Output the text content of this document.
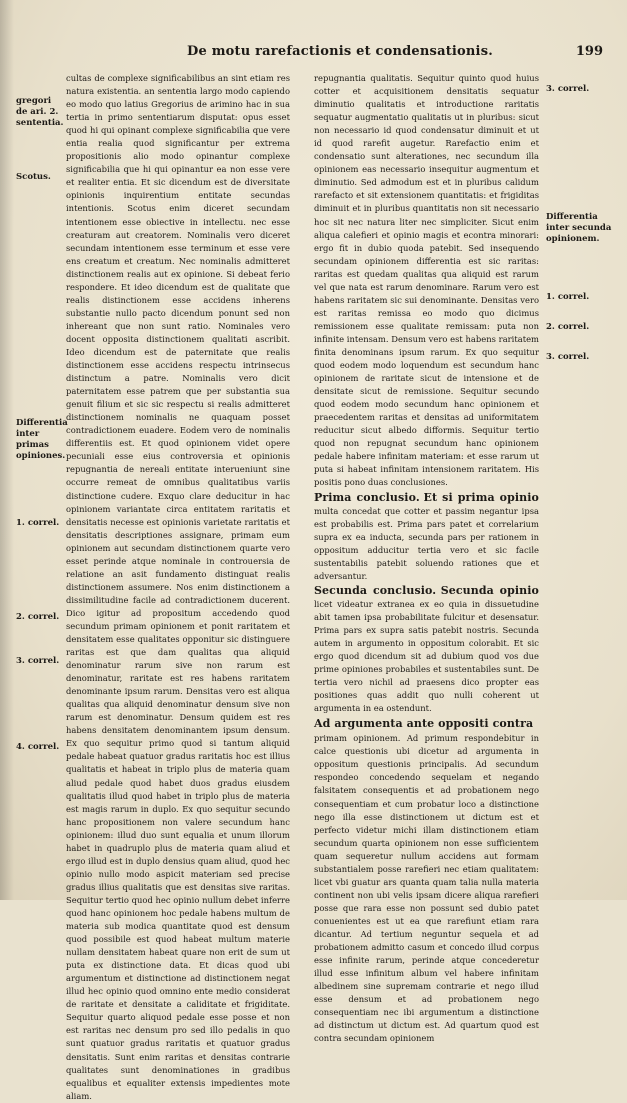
De motu rarefactionis et condensationis.	199
gregori de ari. 2. sententia.
Scotus.
Differentia inter primas opiniones.
1. correl.
2. correl.
3. correl.
4. correl.
3. correl.
Differentia inter secunda opinionem.
1. correl.
2. correl.
3. correl.

cultas de complexe significabilibus an sint etiam res natura existentia. an sententia largo modo capiendo eo modo quo latius Gregorius de arimino hac in sua tertia in primo sententiarum disputat: opus esset quod hi qui opinant complexe significabilia que vere entia realia quod significantur per extrema propositionis alio modo opinantur complexe significabilia que hi qui opinantur ea non esse vere et realiter entia. Et sic dicendum est de diversitate opinionis inquirentium entitate secundas intentionis. Scotus enim diceret secundam intentionem esse obiective in intellectu. nec esse creaturam aut creatorem. Nominalis vero diceret secundam intentionem esse terminum et esse vere ens creatum et creatum. Nec nominalis admitteret distinctionem realis aut ex opinione. Si debeat ferio respondere. Et ideo dicendum est de qualitate que realis distinctionem esse accidens inherens substantie nullo pacto dicendum ponunt sed non inhereant que non sunt ratio. Nominales vero docent opposita distinctionem qualitati ascribit. Ideo dicendum est de paternitate que realis distinctionem esse accidens respectu intrinsecus distinctum a patre. Nominalis vero dicit paternitatem esse patrem que per substantia sua genuit filium et sic sic respectu si realis admitteret distinctionem nominalis ne quaquam posset contradictionem euadere. Eodem vero de nominalis differentiis est. Et quod opinionem videt opere pecuniali esse eius controversia et opinionis repugnantia de nereali entitate interueniunt sine occurre remeat de omnibus qualitatibus variis distinctione cudere. Exquo clare deducitur in hac opinionem variantate circa entitatem raritatis et densitatis necesse est opinionis varietate raritatis et densitatis descriptiones assignare, primam eum opinionem aut secundam distinctionem quarte vero esset perinde atque nominale in controuersia de relatione an asit fundamento distinguat realis distinctionem assumere. Nos enim distinctionem a dissimilitudine facile ad contradictionem ducerent. Dico igitur ad propositum accedendo quod secundum primam opinionem et ponit raritatem et densitatem esse qualitates opponitur sic distinguere raritas est que dam qualitas qua aliquid denominatur rarum sive non rarum est denominatur, raritate est res habens raritatem denominante ipsum rarum. Densitas vero est aliqua qualitas qua aliquid denominatur densum sive non rarum est denominatur. Densum quidem est res habens densitatem denominantem ipsum densum. Ex quo sequitur primo quod si tantum aliquid pedale habeat quatuor gradus raritatis hoc est illius qualitatis et habeat in triplo plus de materia quam aliud pedale quod habet duos gradus eiusdem qualitatis illud quod habet in triplo plus de materia est magis rarum in duplo. Ex quo sequitur secundo hanc propositionem non valere secundum hanc opinionem: illud duo sunt equalia et unum illorum habet in quadruplo plus de materia quam aliud et ergo illud est in duplo densius quam aliud, quod hec opinio nullo modo aspicit materiam sed precise gradus illius qualitatis que est densitas sive raritas. Sequitur tertio quod hec opinio nullum debet inferre quod hanc opinionem hoc pedale habens multum de materia sub modica quantitate quod est densum quod possibile est quod habeat multum materie nullam densitatem habeat quare non erit de sum ut puta ex distinctione data. Et dicas quod ubi argumentum et distinctione ad distinctionem negat illud hec opinio quod omnino ente medio considerat de raritate et densitate a caliditate et frigiditate. Sequitur quarto aliquod pedale esse posse et non est raritas nec densum pro sed illo pedalis in quo sunt quatuor gradus raritatis et quatuor gradus densitatis. Sunt enim raritas et densitas contrarie qualitates sunt denominationes in gradibus equalibus et equaliter extensis impedientes mote aliam.

repugnantia qualitatis. Sequitur quinto quod huius cotter et acquisitionem densitatis sequatur diminutio qualitatis et introductione raritatis sequatur augmentatio qualitatis ut in pluribus: sicut non necessario id quod condensatur diminuit et ut id quod rarefit augetur. Rarefactio enim et condensatio sunt alterationes, nec secundum illa opinionem eas necessario insequitur augmentum et diminutio. Sed admodum est et in pluribus calidum rarefacto et sit extensionem quantitatis: et frigiditas diminuit et in pluribus quantitatis non sit necessario hoc sit nec natura liter nec simpliciter. Sicut enim aliqua calefieri et opinio magis et econtra minorari: ergo fit in dubio quoda patebit. Sed insequendo secundam opinionem differentia est sic raritas: raritas est quedam qualitas qua aliquid est rarum vel que nata est rarum denominare. Rarum vero est habens raritatem sic sui denominante. Densitas vero est raritas remissa eo modo quo dicimus remissionem esse qualitate remissam: puta non infinite intensam. Densum vero est habens raritatem finita denominans ipsum rarum. Ex quo sequitur quod eodem modo loquendum est secundum hanc opinionem de raritate sicut de intensione et de densitate sicut de remissione. Sequitur secundo quod eodem modo secundum hanc opinionem et praecedentem raritas et densitas ad uniformitatem reducitur sicut albedo difformis. Sequitur tertio quod non repugnat secundum hanc opinionem pedale habere infinitam materiam: et esse rarum ut puta si habeat infinitam intensionem raritatem. His positis pono duas conclusiones.

Prima conclusio. Et si prima opinio multa concedat que cotter et passim negantur ipsa est probabilis est. Prima pars patet et correlarium supra ex ea inducta, secunda pars per rationem in oppositum adducitur tertia vero et sic facile sustentabilis patebit soluendo rationes que et adversantur.

Secunda conclusio. Secunda opinio licet videatur extranea ex eo quia in dissuetudine abit tamen ipsa probabilitate fulcitur et desensatur. Prima pars ex supra satis patebit nostris. Secunda autem in argumento in oppositum colorabit. Et sic ergo quod dicendum sit ad dubium quod vos due prime opiniones probabiles et sustentabiles sunt. De tertia vero nichil ad praesens dico propter eas positiones quas addit quo nulli coherent ut argumenta in ea ostendunt.

Ad argumenta ante oppositi contra

primam opinionem. Ad primum respondebitur in calce questionis ubi dicetur ad argumenta in oppositum questionis principalis. Ad secundum respondeo concedendo sequelam et negando falsitatem consequentis et ad probationem nego consequentiam et cum probatur loco a distinctione nego illa esse distinctionem ut dictum est et perfecto videtur michi illam distinctionem etiam secundum quarta opinionem non esse sufficientem quam sequeretur nullum accidens aut formam substantialem posse rarefieri nec etiam qualitatem: licet vbi guatur ars quanta quam talia nulla materia continent non ubi velis ipsam dicere aliqua rarefieri posse que rara esse non possunt sed dubio patet conuenientes est ut ea que rarefiunt etiam rara dicantur. Ad tertium neguntur sequela et ad probationem admitto casum et concedo illud corpus esse infinite rarum, perinde atque concederetur illud esse infinitum album vel habere infinitam albedinem sine supremam contrarie et nego illud esse densum et ad probationem nego consequentiam nec ibi argumentum a distinctione ad distinctum ut dictum est. Ad quartum quod est contra secundam opinionem
